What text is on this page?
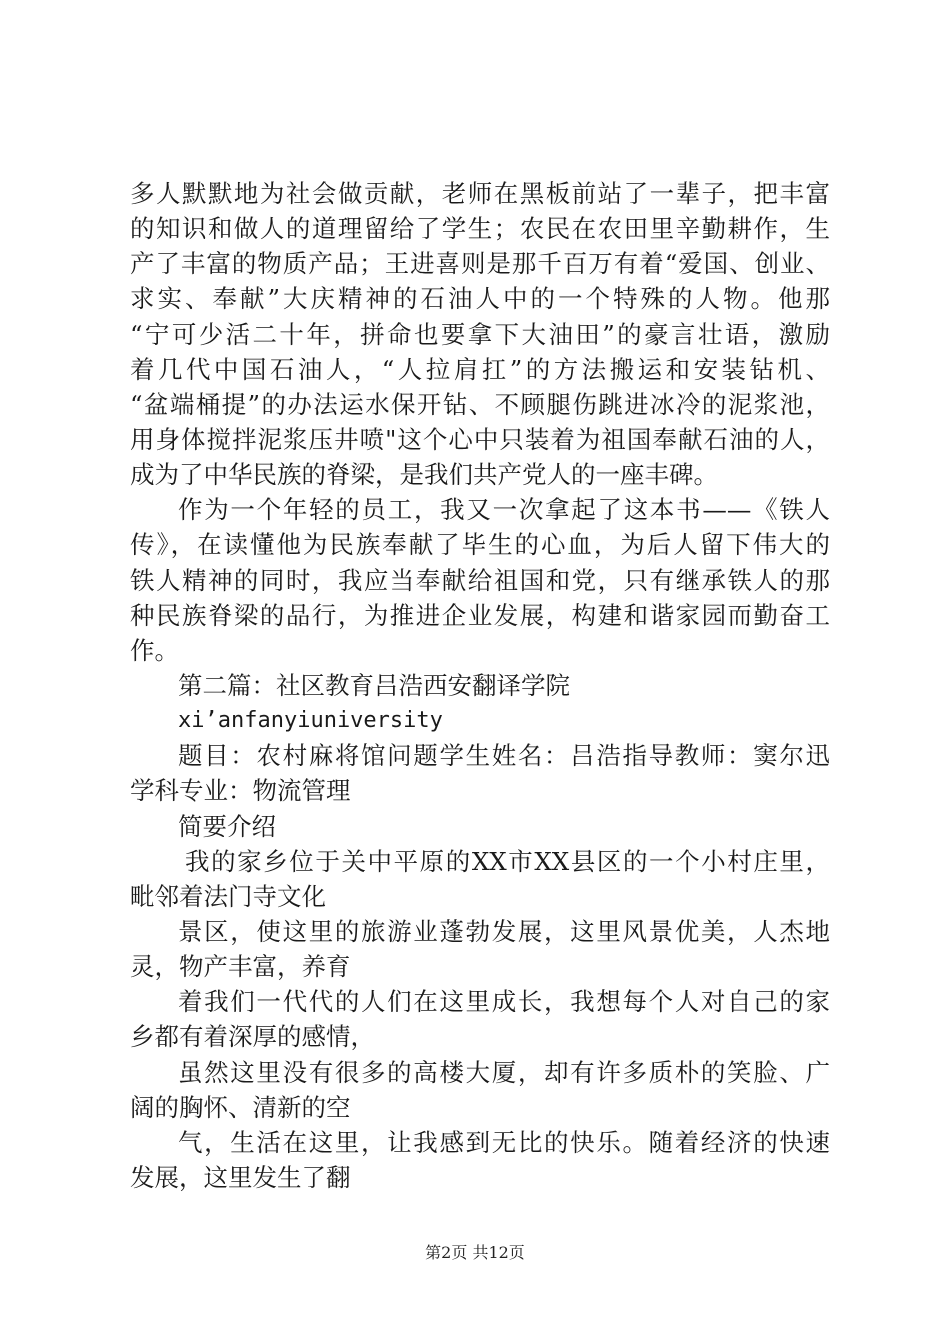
多人默默地为社会做贡献，老师在黑板前站了一辈子，把丰富
的知识和做人的道理留给了学生；农民在农田里辛勤耕作，生
产了丰富的物质产品；王进喜则是那千百万有着“爱国、创业、
求实、奉献”大庆精神的石油人中的一个特殊的人物。他那
“宁可少活二十年，拼命也要拿下大油田”的豪言壮语，激励
着几代中国石油人，“人拉肩扛”的方法搬运和安装钻机、
“盆端桶提”的办法运水保开钻、不顾腿伤跳进冰冷的泥浆池，
用身体搅拌泥浆压井喷"这个心中只装着为祖国奉献石油的人，
成为了中华民族的脊梁，是我们共产党人的一座丰碑。
作为一个年轻的员工，我又一次拿起了这本书——《铁人
传》，在读懂他为民族奉献了毕生的心血，为后人留下伟大的
铁人精神的同时，我应当奉献给祖国和党，只有继承铁人的那
种民族脊梁的品行，为推进企业发展，构建和谐家园而勤奋工
作。
第二篇：社区教育吕浩西安翻译学院
xi’anfanyiuniversity
题目：农村麻将馆问题学生姓名：吕浩指导教师：窦尔迅
学科专业：物流管理
简要介绍
我的家乡位于关中平原的XX市XX县区的一个小村庄里，
毗邻着法门寺文化
景区，使这里的旅游业蓬勃发展，这里风景优美，人杰地
灵，物产丰富，养育
着我们一代代的人们在这里成长，我想每个人对自己的家
乡都有着深厚的感情，
虽然这里没有很多的高楼大厦，却有许多质朴的笑脸、广
阔的胸怀、清新的空
气，生活在这里，让我感到无比的快乐。随着经济的快速
发展，这里发生了翻
第2页 共12页
